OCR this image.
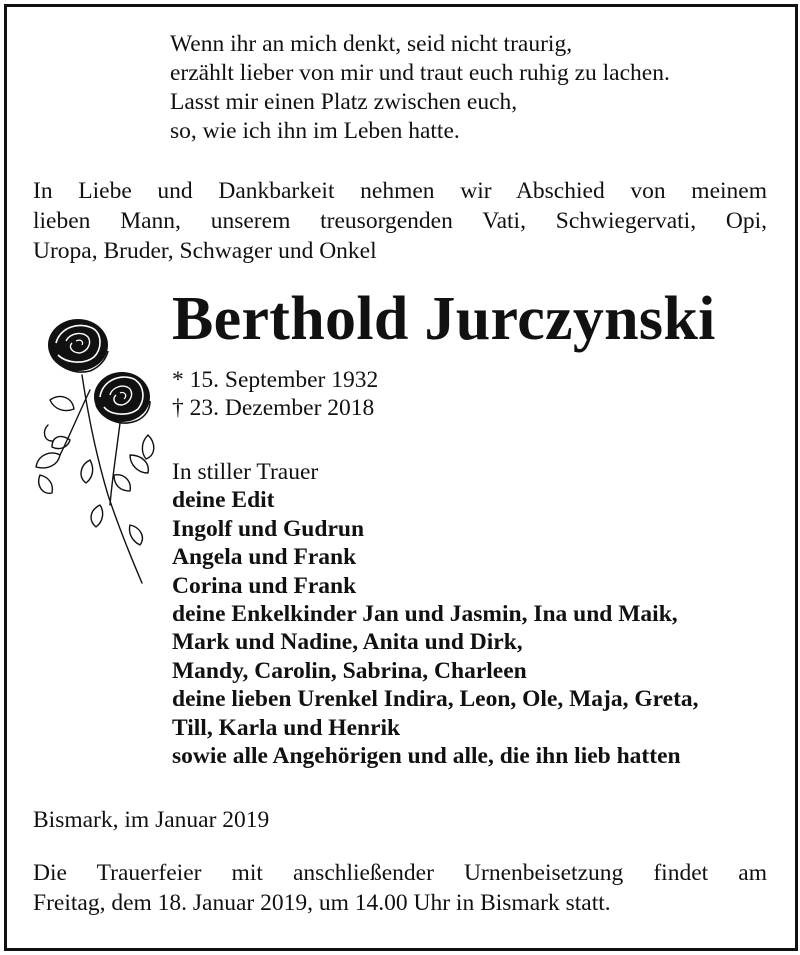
Wenn ihr an mich denkt, seid nicht traurig,
erzählt lieber von mir und traut euch ruhig zu lachen.
Lasst mir einen Platz zwischen euch,
so, wie ich ihn im Leben hatte.
In Liebe und Dankbarkeit nehmen wir Abschied von meinem
lieben Mann, unserem treusorgenden Vati, Schwiegervati, Opi,
Uropa, Bruder, Schwager und Onkel
Berthold Jurczynski
* 15. September 1932
† 23. Dezember 2018
In stiller Trauer
deine Edit
Ingolf und Gudrun
Angela und Frank
Corina und Frank
deine Enkelkinder Jan und Jasmin, Ina und Maik,
Mark und Nadine, Anita und Dirk,
Mandy, Carolin, Sabrina, Charleen
deine lieben Urenkel Indira, Leon, Ole, Maja, Greta,
Till, Karla und Henrik
sowie alle Angehörigen und alle, die ihn lieb hatten
Bismark, im Januar 2019
Die Trauerfeier mit anschließender Urnenbeisetzung findet am
Freitag, dem 18. Januar 2019, um 14.00 Uhr in Bismark statt.
